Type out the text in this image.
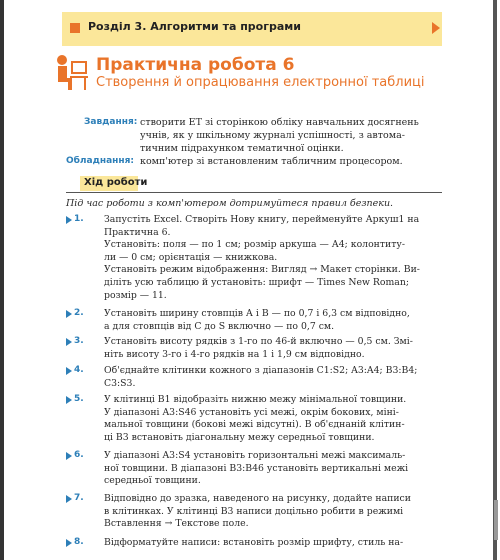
Розділ 3. Алгоритми та програми
Практична робота 6
Створення й опрацювання електронної таблиці
Завдання: створити ЕТ зі сторінкою обліку навчальних досягнень
учнів, як у шкільному журналі успішності, з автома-
тичним підрахунком тематичної оцінки.
Обладнання: комп'ютер зі встановленим табличним процесором.
Хід роботи
Під час роботи з комп'ютером дотримуйтеся правил безпеки.
1. Запустіть Excel. Створіть Нову книгу, перейменуйте Аркуш1 на
Практична 6.
Установіть: поля — по 1 см; розмір аркуша — А4; колонтиту-
ли — 0 см; орієнтація — книжкова.
Установіть режим відображення: Вигляд → Макет сторінки. Ви-
діліть усю таблицю й установіть: шрифт — Times New Roman;
розмір — 11.
2. Установіть ширину стовпців А і В — по 0,7 і 6,3 см відповідно,
а для стовпців від С до S включно — по 0,7 см.
3. Установіть висоту рядків з 1-го по 46-й включно — 0,5 см. Змі-
ніть висоту 3-го і 4-го рядків на 1 і 1,9 см відповідно.
4. Об'єднайте клітинки кожного з діапазонів C1:S2; A3:A4; B3:B4;
C3:S3.
5. У клітинці В1 відобразіть нижню межу мінімальної товщини.
У діапазоні A3:S46 установіть усі межі, окрім бокових, міні-
мальної товщини (бокові межі відсутні). В об'єднаній клітин-
ці В3 встановіть діагональну межу середньої товщини.
6. У діапазоні A3:S4 установіть горизонтальні межі максималь-
ної товщини. В діапазоні B3:B46 установіть вертикальні межі
середньої товщини.
7. Відповідно до зразка, наведеного на рисунку, додайте написи
в клітинках. У клітинці В3 написи доцільно робити в режимі
Вставлення → Текстове поле.
8. Відформатуйте написи: встановіть розмір шрифту, стиль на-
